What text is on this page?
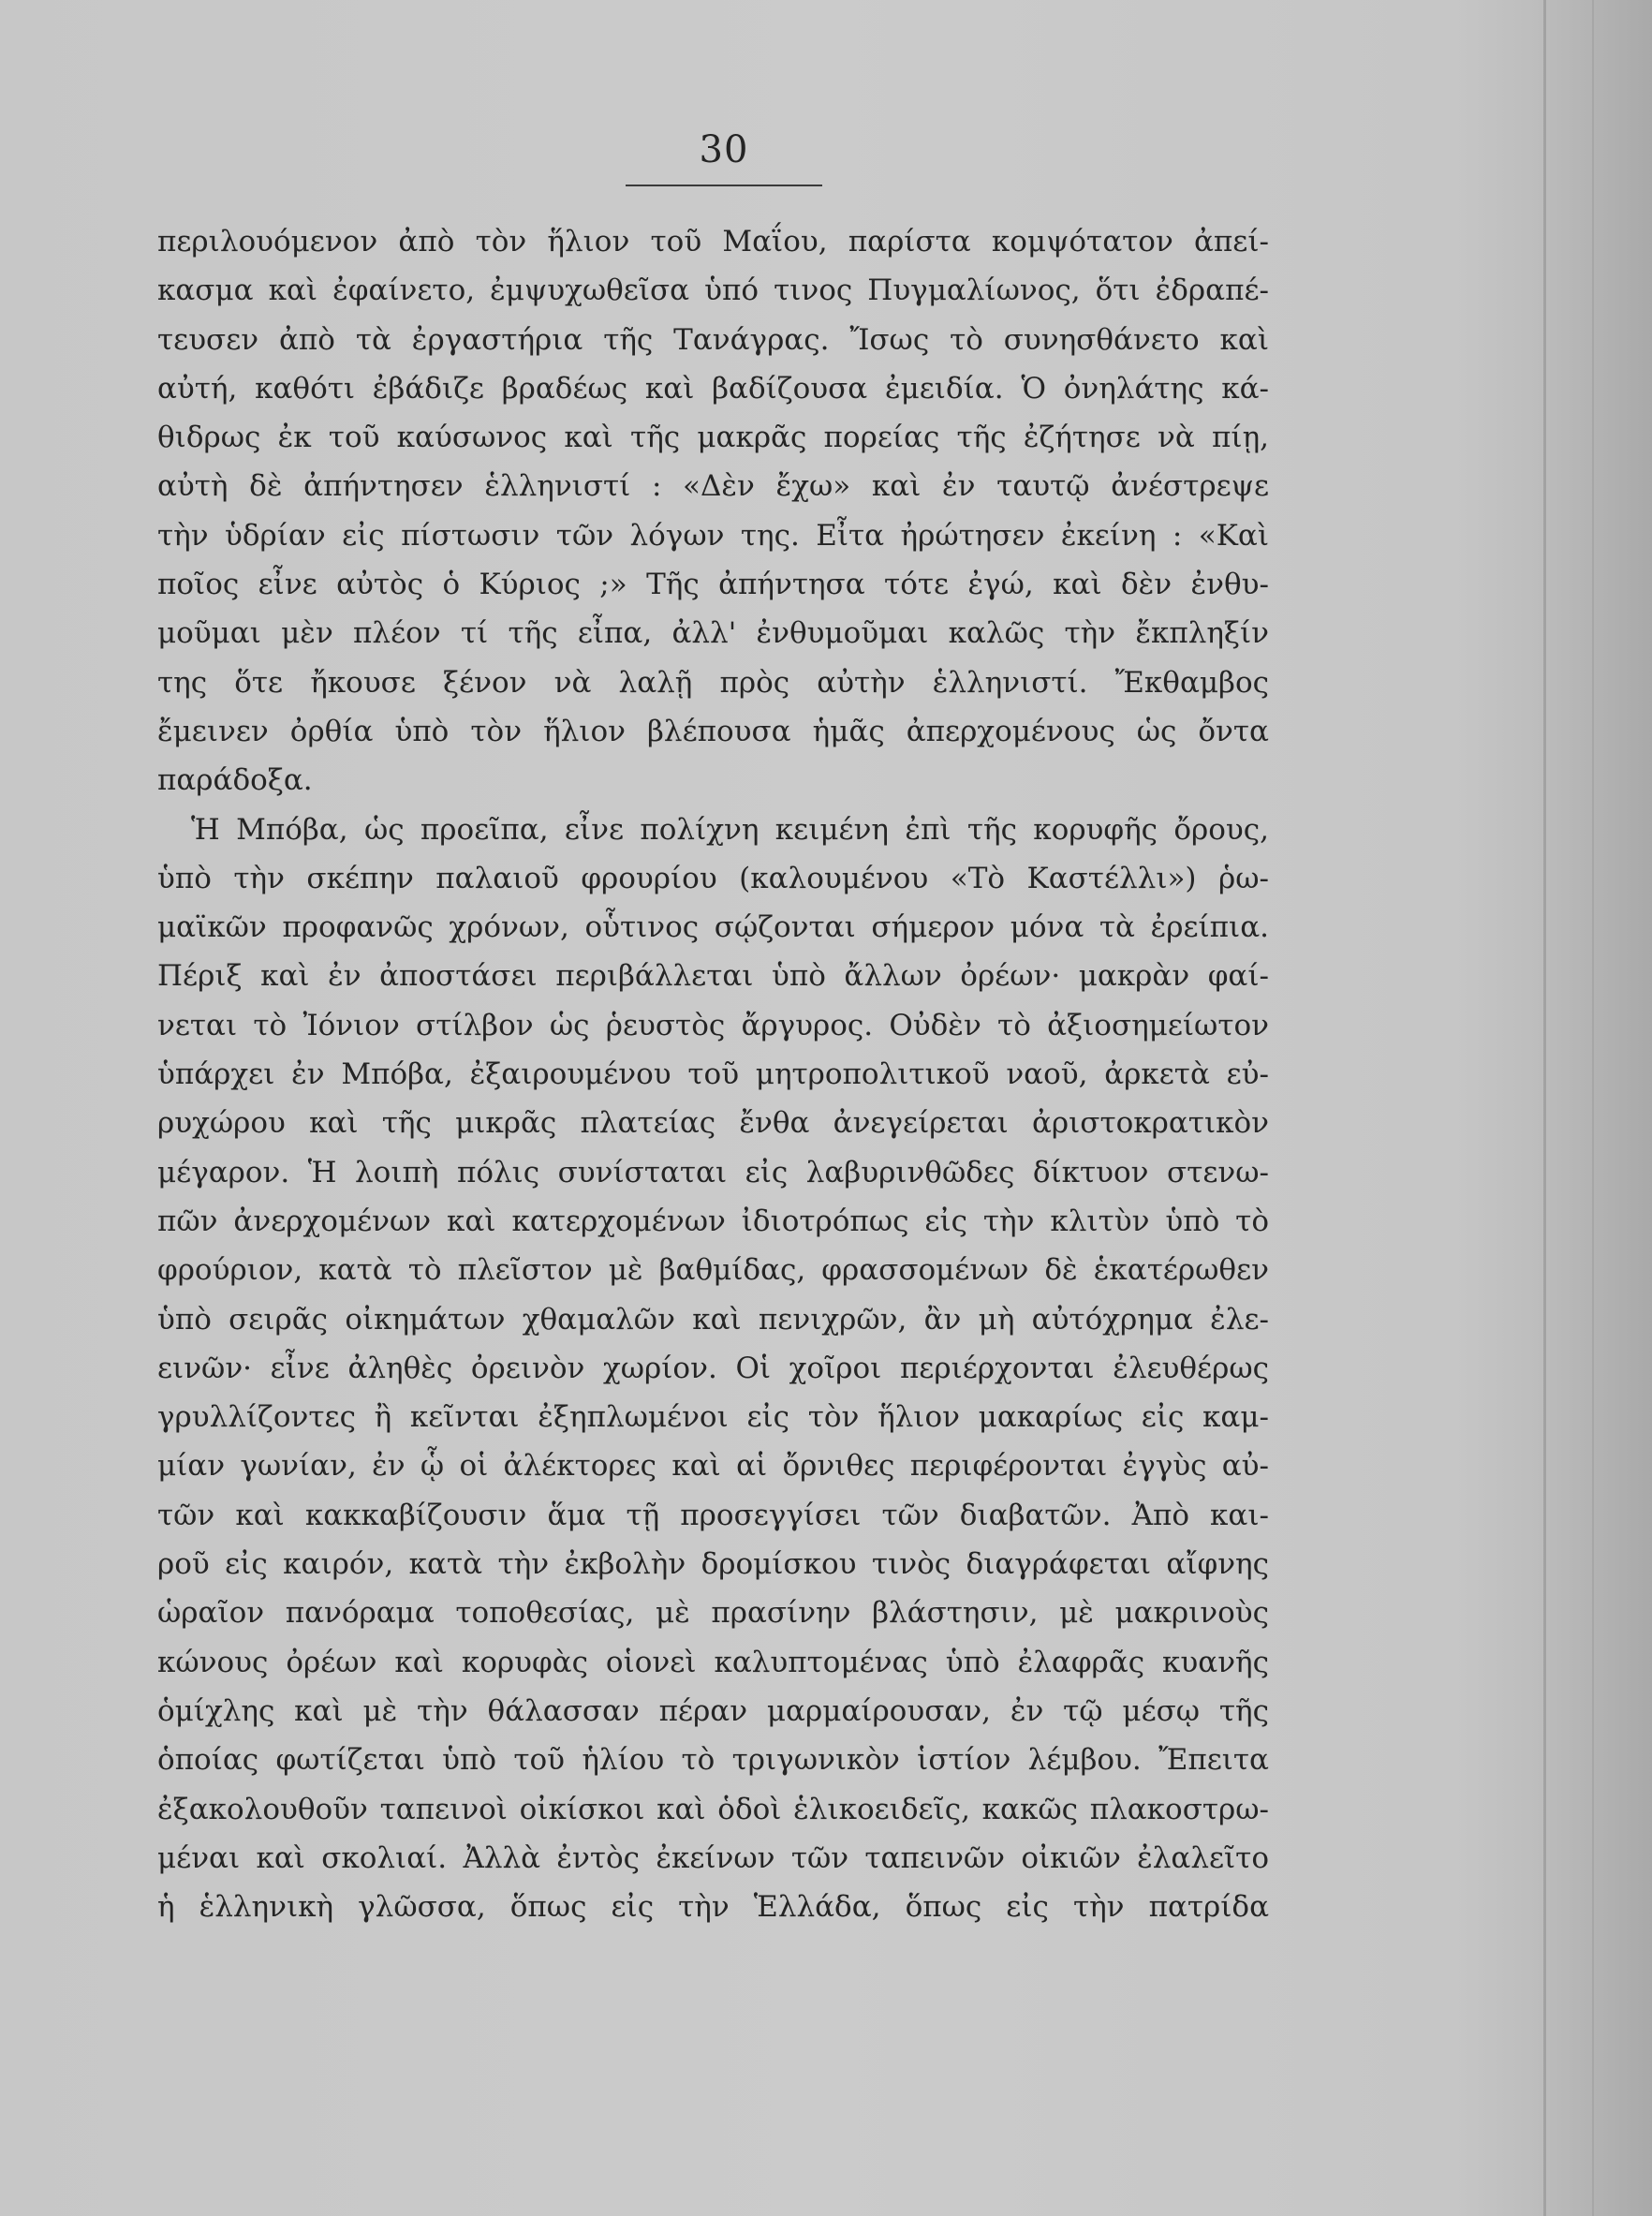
30
περιλουόμενον ἀπὸ τὸν ἥλιον τοῦ Μαΐου, παρίστα κομψότατον ἀπεί-
κασμα καὶ ἐφαίνετο, ἐμψυχωθεῖσα ὑπό τινος Πυγμαλίωνος, ὅτι ἐδραπέ-
τευσεν ἀπὸ τὰ ἐργαστήρια τῆς Τανάγρας. Ἴσως τὸ συνησθάνετο καὶ
αὐτή, καθότι ἐβάδιζε βραδέως καὶ βαδίζουσα ἐμειδία. Ὁ ὀνηλάτης κά-
θιδρως ἐκ τοῦ καύσωνος καὶ τῆς μακρᾶς πορείας τῆς ἐζήτησε νὰ πίῃ,
αὐτὴ δὲ ἀπήντησεν ἑλληνιστί : «Δὲν ἔχω» καὶ ἐν ταυτῷ ἀνέστρεψε
τὴν ὑδρίαν εἰς πίστωσιν τῶν λόγων της. Εἶτα ἠρώτησεν ἐκείνη : «Καὶ
ποῖος εἶνε αὐτὸς ὁ Κύριος ;» Τῆς ἀπήντησα τότε ἐγώ, καὶ δὲν ἐνθυ-
μοῦμαι μὲν πλέον τί τῆς εἶπα, ἀλλ' ἐνθυμοῦμαι καλῶς τὴν ἔκπληξίν
της ὅτε ἤκουσε ξένον νὰ λαλῇ πρὸς αὐτὴν ἑλληνιστί. Ἔκθαμβος
ἔμεινεν ὀρθία ὑπὸ τὸν ἥλιον βλέπουσα ἡμᾶς ἀπερχομένους ὡς ὄντα
παράδοξα.
Ἡ Μπόβα, ὡς προεῖπα, εἶνε πολίχνη κειμένη ἐπὶ τῆς κορυφῆς ὄρους,
ὑπὸ τὴν σκέπην παλαιοῦ φρουρίου (καλουμένου «Τὸ Καστέλλι») ῥω-
μαϊκῶν προφανῶς χρόνων, οὗτινος σῴζονται σήμερον μόνα τὰ ἐρείπια.
Πέριξ καὶ ἐν ἀποστάσει περιβάλλεται ὑπὸ ἄλλων ὀρέων· μακρὰν φαί-
νεται τὸ Ἰόνιον στίλβον ὡς ῥευστὸς ἄργυρος. Οὐδὲν τὸ ἀξιοσημείωτον
ὑπάρχει ἐν Μπόβα, ἐξαιρουμένου τοῦ μητροπολιτικοῦ ναοῦ, ἀρκετὰ εὐ-
ρυχώρου καὶ τῆς μικρᾶς πλατείας ἔνθα ἀνεγείρεται ἀριστοκρατικὸν
μέγαρον. Ἡ λοιπὴ πόλις συνίσταται εἰς λαβυρινθῶδες δίκτυον στενω-
πῶν ἀνερχομένων καὶ κατερχομένων ἰδιοτρόπως εἰς τὴν κλιτὺν ὑπὸ τὸ
φρούριον, κατὰ τὸ πλεῖστον μὲ βαθμίδας, φρασσομένων δὲ ἑκατέρωθεν
ὑπὸ σειρᾶς οἰκημάτων χθαμαλῶν καὶ πενιχρῶν, ἂν μὴ αὐτόχρημα ἐλε-
εινῶν· εἶνε ἀληθὲς ὀρεινὸν χωρίον. Οἱ χοῖροι περιέρχονται ἐλευθέρως
γρυλλίζοντες ἢ κεῖνται ἐξηπλωμένοι εἰς τὸν ἥλιον μακαρίως εἰς καμ-
μίαν γωνίαν, ἐν ᾧ οἱ ἀλέκτορες καὶ αἱ ὄρνιθες περιφέρονται ἐγγὺς αὐ-
τῶν καὶ κακκαβίζουσιν ἅμα τῇ προσεγγίσει τῶν διαβατῶν. Ἀπὸ και-
ροῦ εἰς καιρόν, κατὰ τὴν ἐκβολὴν δρομίσκου τινὸς διαγράφεται αἴφνης
ὡραῖον πανόραμα τοποθεσίας, μὲ πρασίνην βλάστησιν, μὲ μακρινοὺς
κώνους ὀρέων καὶ κορυφὰς οἱονεὶ καλυπτομένας ὑπὸ ἐλαφρᾶς κυανῆς
ὁμίχλης καὶ μὲ τὴν θάλασσαν πέραν μαρμαίρουσαν, ἐν τῷ μέσῳ τῆς
ὁποίας φωτίζεται ὑπὸ τοῦ ἡλίου τὸ τριγωνικὸν ἱστίον λέμβου. Ἔπειτα
ἐξακολουθοῦν ταπεινοὶ οἰκίσκοι καὶ ὁδοὶ ἑλικοειδεῖς, κακῶς πλακοστρω-
μέναι καὶ σκολιαί. Ἀλλὰ ἐντὸς ἐκείνων τῶν ταπεινῶν οἰκιῶν ἐλαλεῖτο
ἡ ἑλληνικὴ γλῶσσα, ὅπως εἰς τὴν Ἑλλάδα, ὅπως εἰς τὴν πατρίδα
